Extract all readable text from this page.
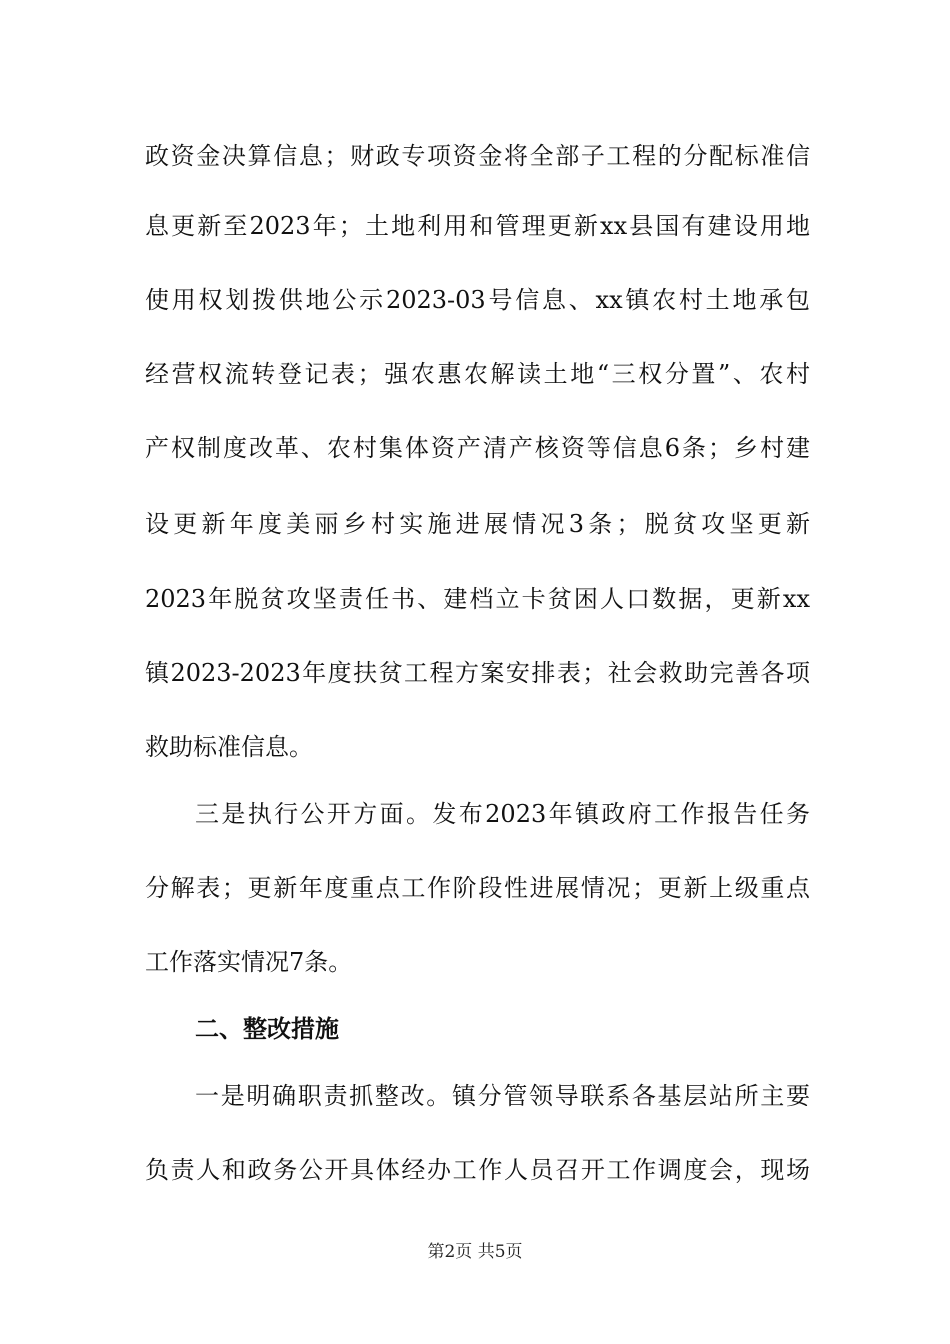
政资金决算信息；财政专项资金将全部子工程的分配标准信
息更新至2023年；土地利用和管理更新xx县国有建设用地
使用权划拨供地公示2023-03号信息、xx镇农村土地承包
经营权流转登记表；强农惠农解读土地“三权分置”、农村
产权制度改革、农村集体资产清产核资等信息6条；乡村建
设更新年度美丽乡村实施进展情况3条；脱贫攻坚更新
2023年脱贫攻坚责任书、建档立卡贫困人口数据，更新xx
镇2023-2023年度扶贫工程方案安排表；社会救助完善各项
救助标准信息。
三是执行公开方面。发布2023年镇政府工作报告任务
分解表；更新年度重点工作阶段性进展情况；更新上级重点
工作落实情况7条。
二、整改措施
一是明确职责抓整改。镇分管领导联系各基层站所主要
负责人和政务公开具体经办工作人员召开工作调度会，现场
第2页 共5页
